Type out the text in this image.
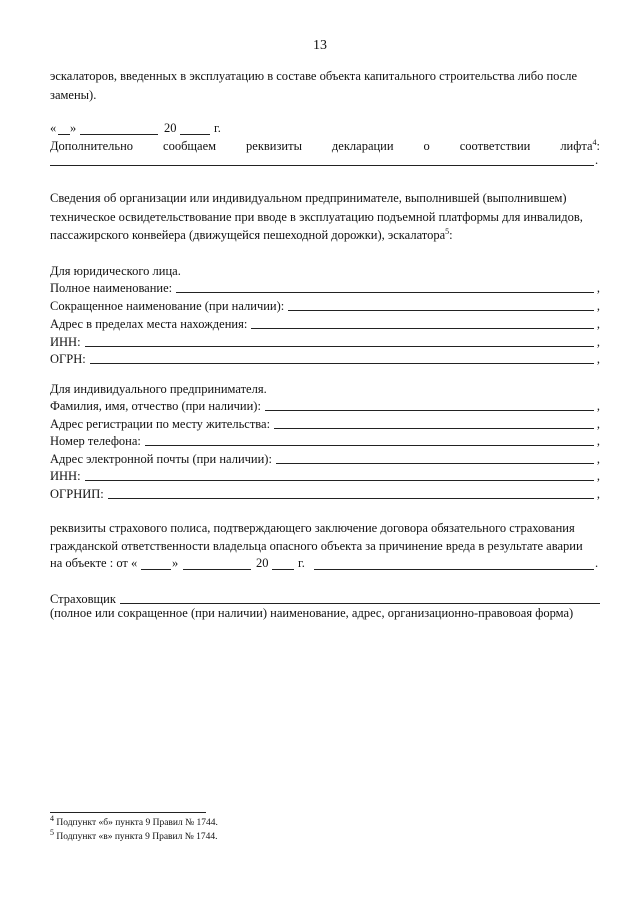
13
эскалаторов, введенных в эксплуатацию в составе объекта капитального строительства либо после
замены).
« »	20	г.
Дополнительно сообщаем реквизиты декларации о соответствии лифта$^4$:
.
Сведения об организации или индивидуальном предпринимателе, выполнившей (выполнившем)
техническое освидетельствование при вводе в эксплуатацию подъемной платформы для инвалидов,
пассажирского конвейера (движущейся пешеходной дорожки), эскалатора$^5$:
Для юридического лица.
Полное наименование:	,
Сокращенное наименование (при наличии):	,
Адрес в пределах места нахождения:	,
ИНН:	,
ОГРН:	,
Для индивидуального предпринимателя.
Фамилия, имя, отчество (при наличии):	,
Адрес регистрации по месту жительства:	,
Номер телефона:	,
Адрес электронной почты (при наличии):	,
ИНН:	,
ОГРНИП:	,
реквизиты страхового полиса, подтверждающего заключение договора обязательного страхования
гражданской ответственности владельца опасного объекта за причинение вреда в результате аварии
на объекте : от «	»	20 г.	.
Страховщик
(полное или сокращенное (при наличии) наименование, адрес, организационно-правовоая форма)
$^4$ Подпункт «б» пункта 9 Правил № 1744.
$^5$ Подпункт «в» пункта 9 Правил № 1744.
